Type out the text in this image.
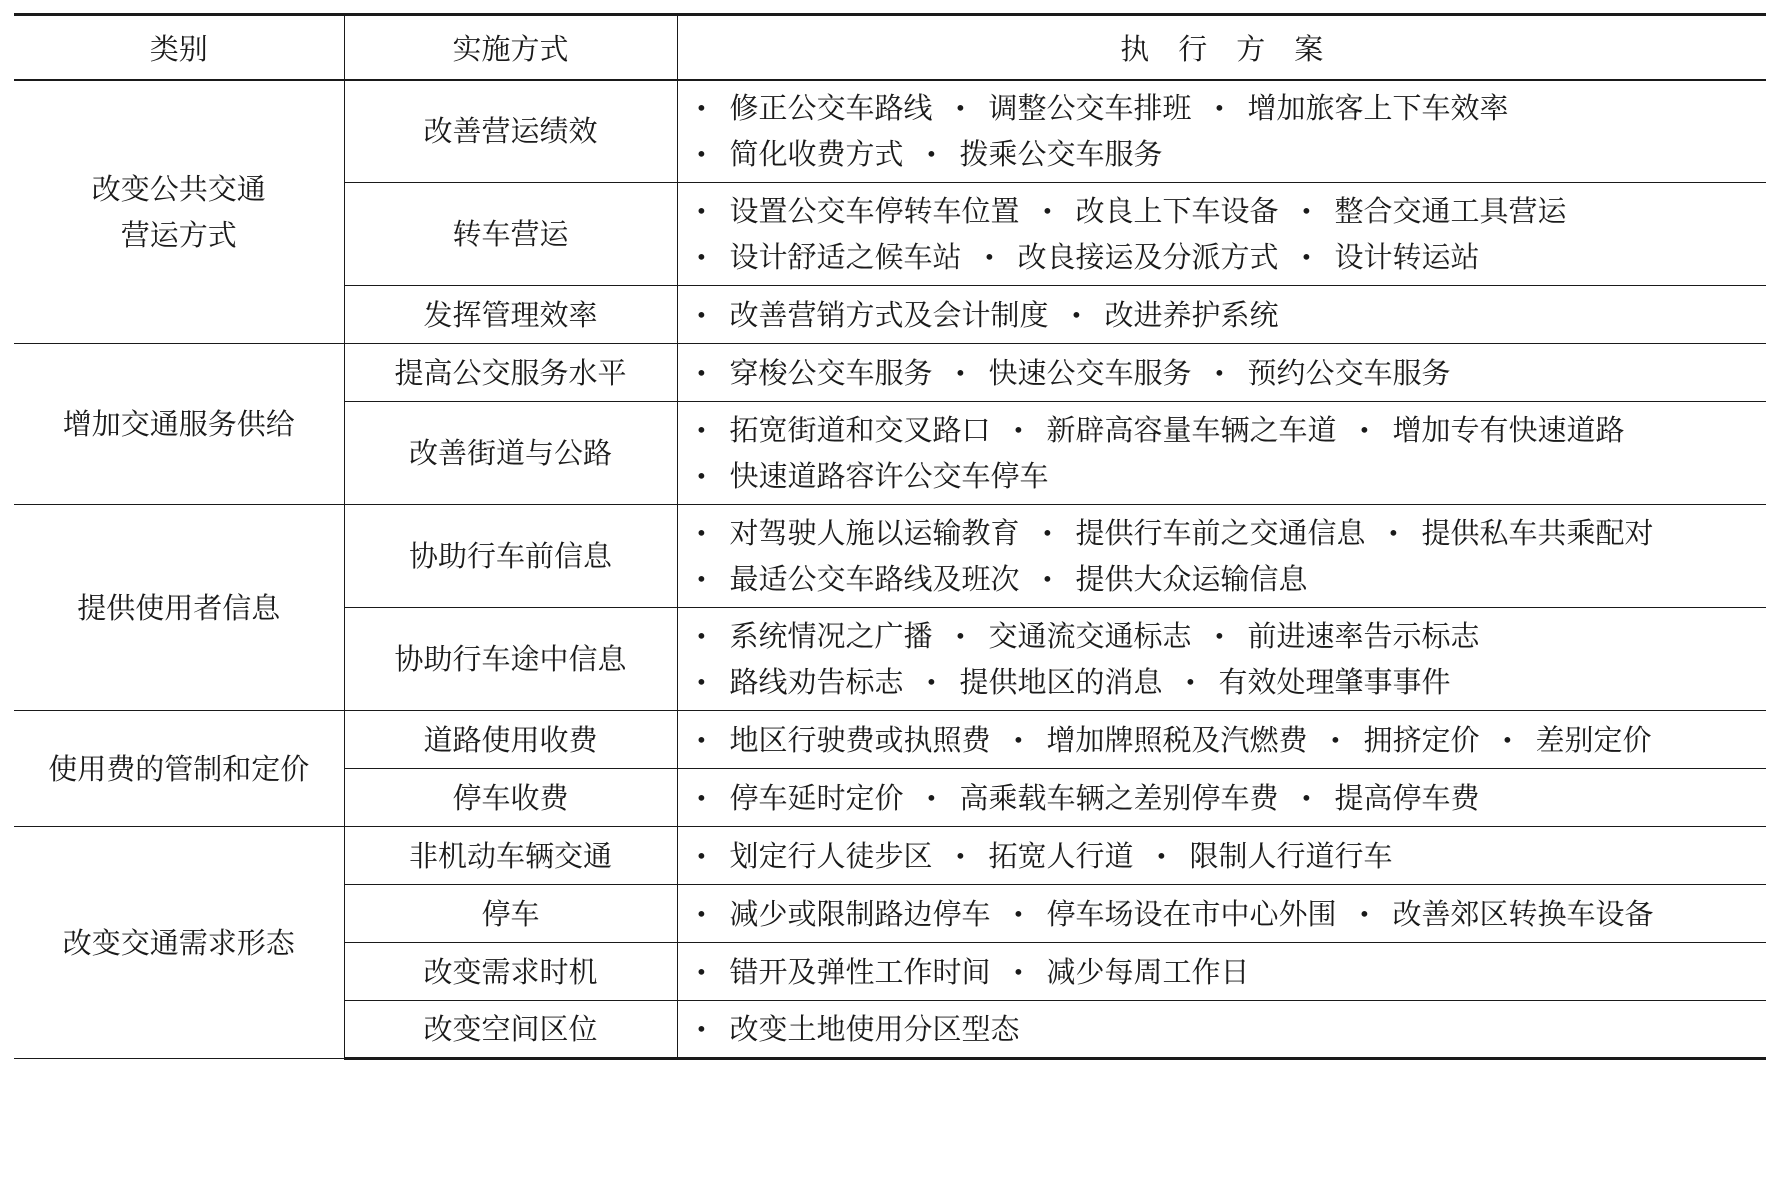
类别	实施方式	执　行　方　案
改变公共交通
营运方式	改善营运绩效	• 修正公交车路线 • 调整公交车排班 • 增加旅客上下车效率
• 简化收费方式 • 拨乘公交车服务

	转车营运	• 设置公交车停转车位置 • 改良上下车设备 • 整合交通工具营运
• 设计舒适之候车站 • 改良接运及分派方式 • 设计转运站

	发挥管理效率	• 改善营销方式及会计制度 • 改进养护系统

增加交通服务供给	提高公交服务水平	• 穿梭公交车服务 • 快速公交车服务 • 预约公交车服务

	改善街道与公路	• 拓宽街道和交叉路口 • 新辟高容量车辆之车道 • 增加专有快速道路
• 快速道路容许公交车停车

提供使用者信息	协助行车前信息	• 对驾驶人施以运输教育 • 提供行车前之交通信息 • 提供私车共乘配对
• 最适公交车路线及班次 • 提供大众运输信息

	协助行车途中信息	• 系统情况之广播 • 交通流交通标志 • 前进速率告示标志
• 路线劝告标志 • 提供地区的消息 • 有效处理肇事事件

使用费的管制和定价	道路使用收费	• 地区行驶费或执照费 • 增加牌照税及汽燃费 • 拥挤定价 • 差别定价

	停车收费	• 停车延时定价 • 高乘载车辆之差别停车费 • 提高停车费

改变交通需求形态	非机动车辆交通	• 划定行人徒步区 • 拓宽人行道 • 限制人行道行车

	停车	• 减少或限制路边停车 • 停车场设在市中心外围 • 改善郊区转换车设备

	改变需求时机	• 错开及弹性工作时间 • 减少每周工作日

	改变空间区位	• 改变土地使用分区型态
